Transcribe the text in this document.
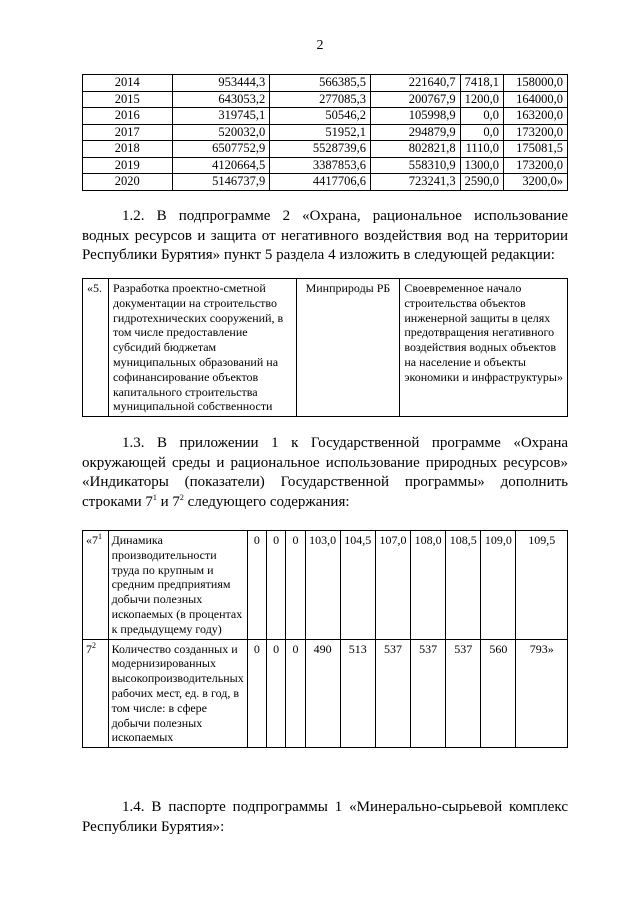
2
2014	953444,3	566385,5	221640,7	7418,1	158000,0
2015	643053,2	277085,3	200767,9	1200,0	164000,0
2016	319745,1	50546,2	105998,9	0,0	163200,0
2017	520032,0	51952,1	294879,9	0,0	173200,0
2018	6507752,9	5528739,6	802821,8	1110,0	175081,5
2019	4120664,5	3387853,6	558310,9	1300,0	173200,0
2020	5146737,9	4417706,6	723241,3	2590,0	3200,0»
1.2. В подпрограмме 2 «Охрана, рациональное использование водных ресурсов и защита от негативного воздействия вод на территории Республики Бурятия» пункт 5 раздела 4 изложить в следующей редакции:
«5.	Разработка проектно-сметной документации на строительство гидротехнических сооружений, в том числе предоставление субсидий бюджетам муниципальных образований на софинансирование объектов капитального строительства муниципальной собственности	Минприроды РБ	Своевременное начало строительства объектов инженерной защиты в целях предотвращения негативного воздействия водных объектов на население и объекты экономики и инфраструктуры»
1.3. В приложении 1 к Государственной программе «Охрана окружающей среды и рациональное использование природных ресурсов» «Индикаторы (показатели) Государственной программы» дополнить строками $7^1$ и $7^2$ следующего содержания:
«$7^1$	Динамика производительности труда по крупным и средним предприятиям добычи полезных ископаемых (в процентах к предыдущему году)	0	0	0	103,0	104,5	107,0	108,0	108,5	109,0	109,5
$7^2$	Количество созданных и модернизированных высокопроизводительных рабочих мест, ед. в год, в том числе: в сфере добычи полезных ископаемых	0	0	0	490	513	537	537	537	560	793»
1.4. В паспорте подпрограммы 1 «Минерально-сырьевой комплекс Республики Бурятия»:
